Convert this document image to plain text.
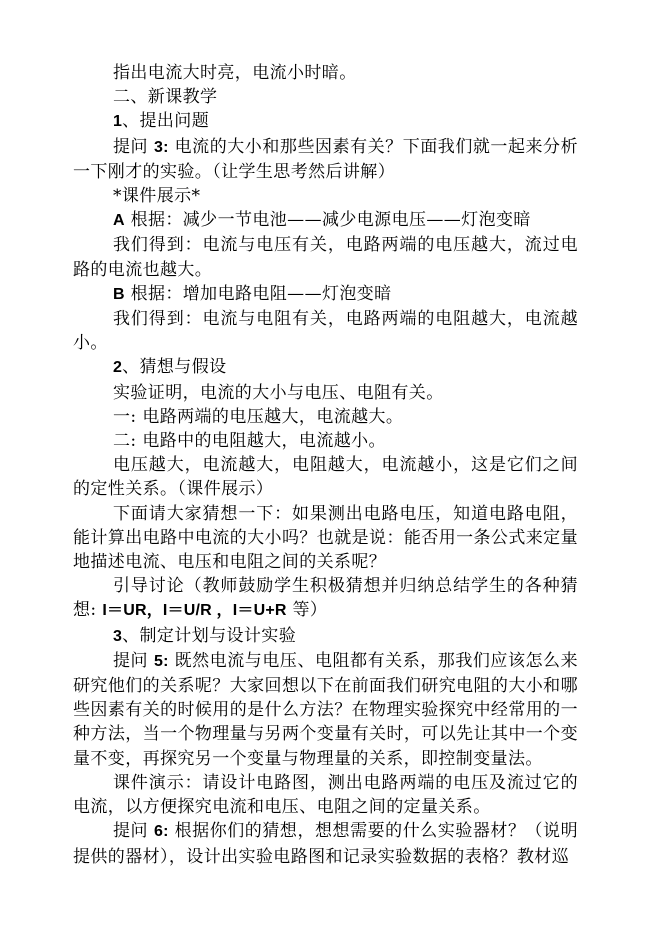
指出电流大时亮，电流小时暗。

二、新课教学

1、提出问题

提问 3: 电流的大小和那些因素有关？下面我们就一起来分析一下刚才的实验。（让学生思考然后讲解）

*课件展示*

A 根据：减少一节电池——减少电源电压——灯泡变暗

我们得到：电流与电压有关，电路两端的电压越大，流过电路的电流也越大。

B 根据：增加电路电阻——灯泡变暗

我们得到：电流与电阻有关，电路两端的电阻越大，电流越小。

2、猜想与假设

实验证明，电流的大小与电压、电阻有关。

一: 电路两端的电压越大，电流越大。

二: 电路中的电阻越大，电流越小。

电压越大，电流越大，电阻越大，电流越小，这是它们之间的定性关系。（课件展示）

下面请大家猜想一下：如果测出电路电压，知道电路电阻，能计算出电路中电流的大小吗？也就是说：能否用一条公式来定量地描述电流、电压和电阻之间的关系呢？

引导讨论（教师鼓励学生积极猜想并归纳总结学生的各种猜想: I＝UR，I＝U/R ，I＝U+R 等）

3、制定计划与设计实验

提问 5: 既然电流与电压、电阻都有关系，那我们应该怎么来研究他们的关系呢？大家回想以下在前面我们研究电阻的大小和哪些因素有关的时候用的是什么方法？在物理实验探究中经常用的一种方法，当一个物理量与另两个变量有关时，可以先让其中一个变量不变，再探究另一个变量与物理量的关系，即控制变量法。

课件演示：请设计电路图，测出电路两端的电压及流过它的电流，以方便探究电流和电压、电阻之间的定量关系。

提问 6: 根据你们的猜想，想想需要的什么实验器材？（说明提供的器材），设计出实验电路图和记录实验数据的表格？教材巡
